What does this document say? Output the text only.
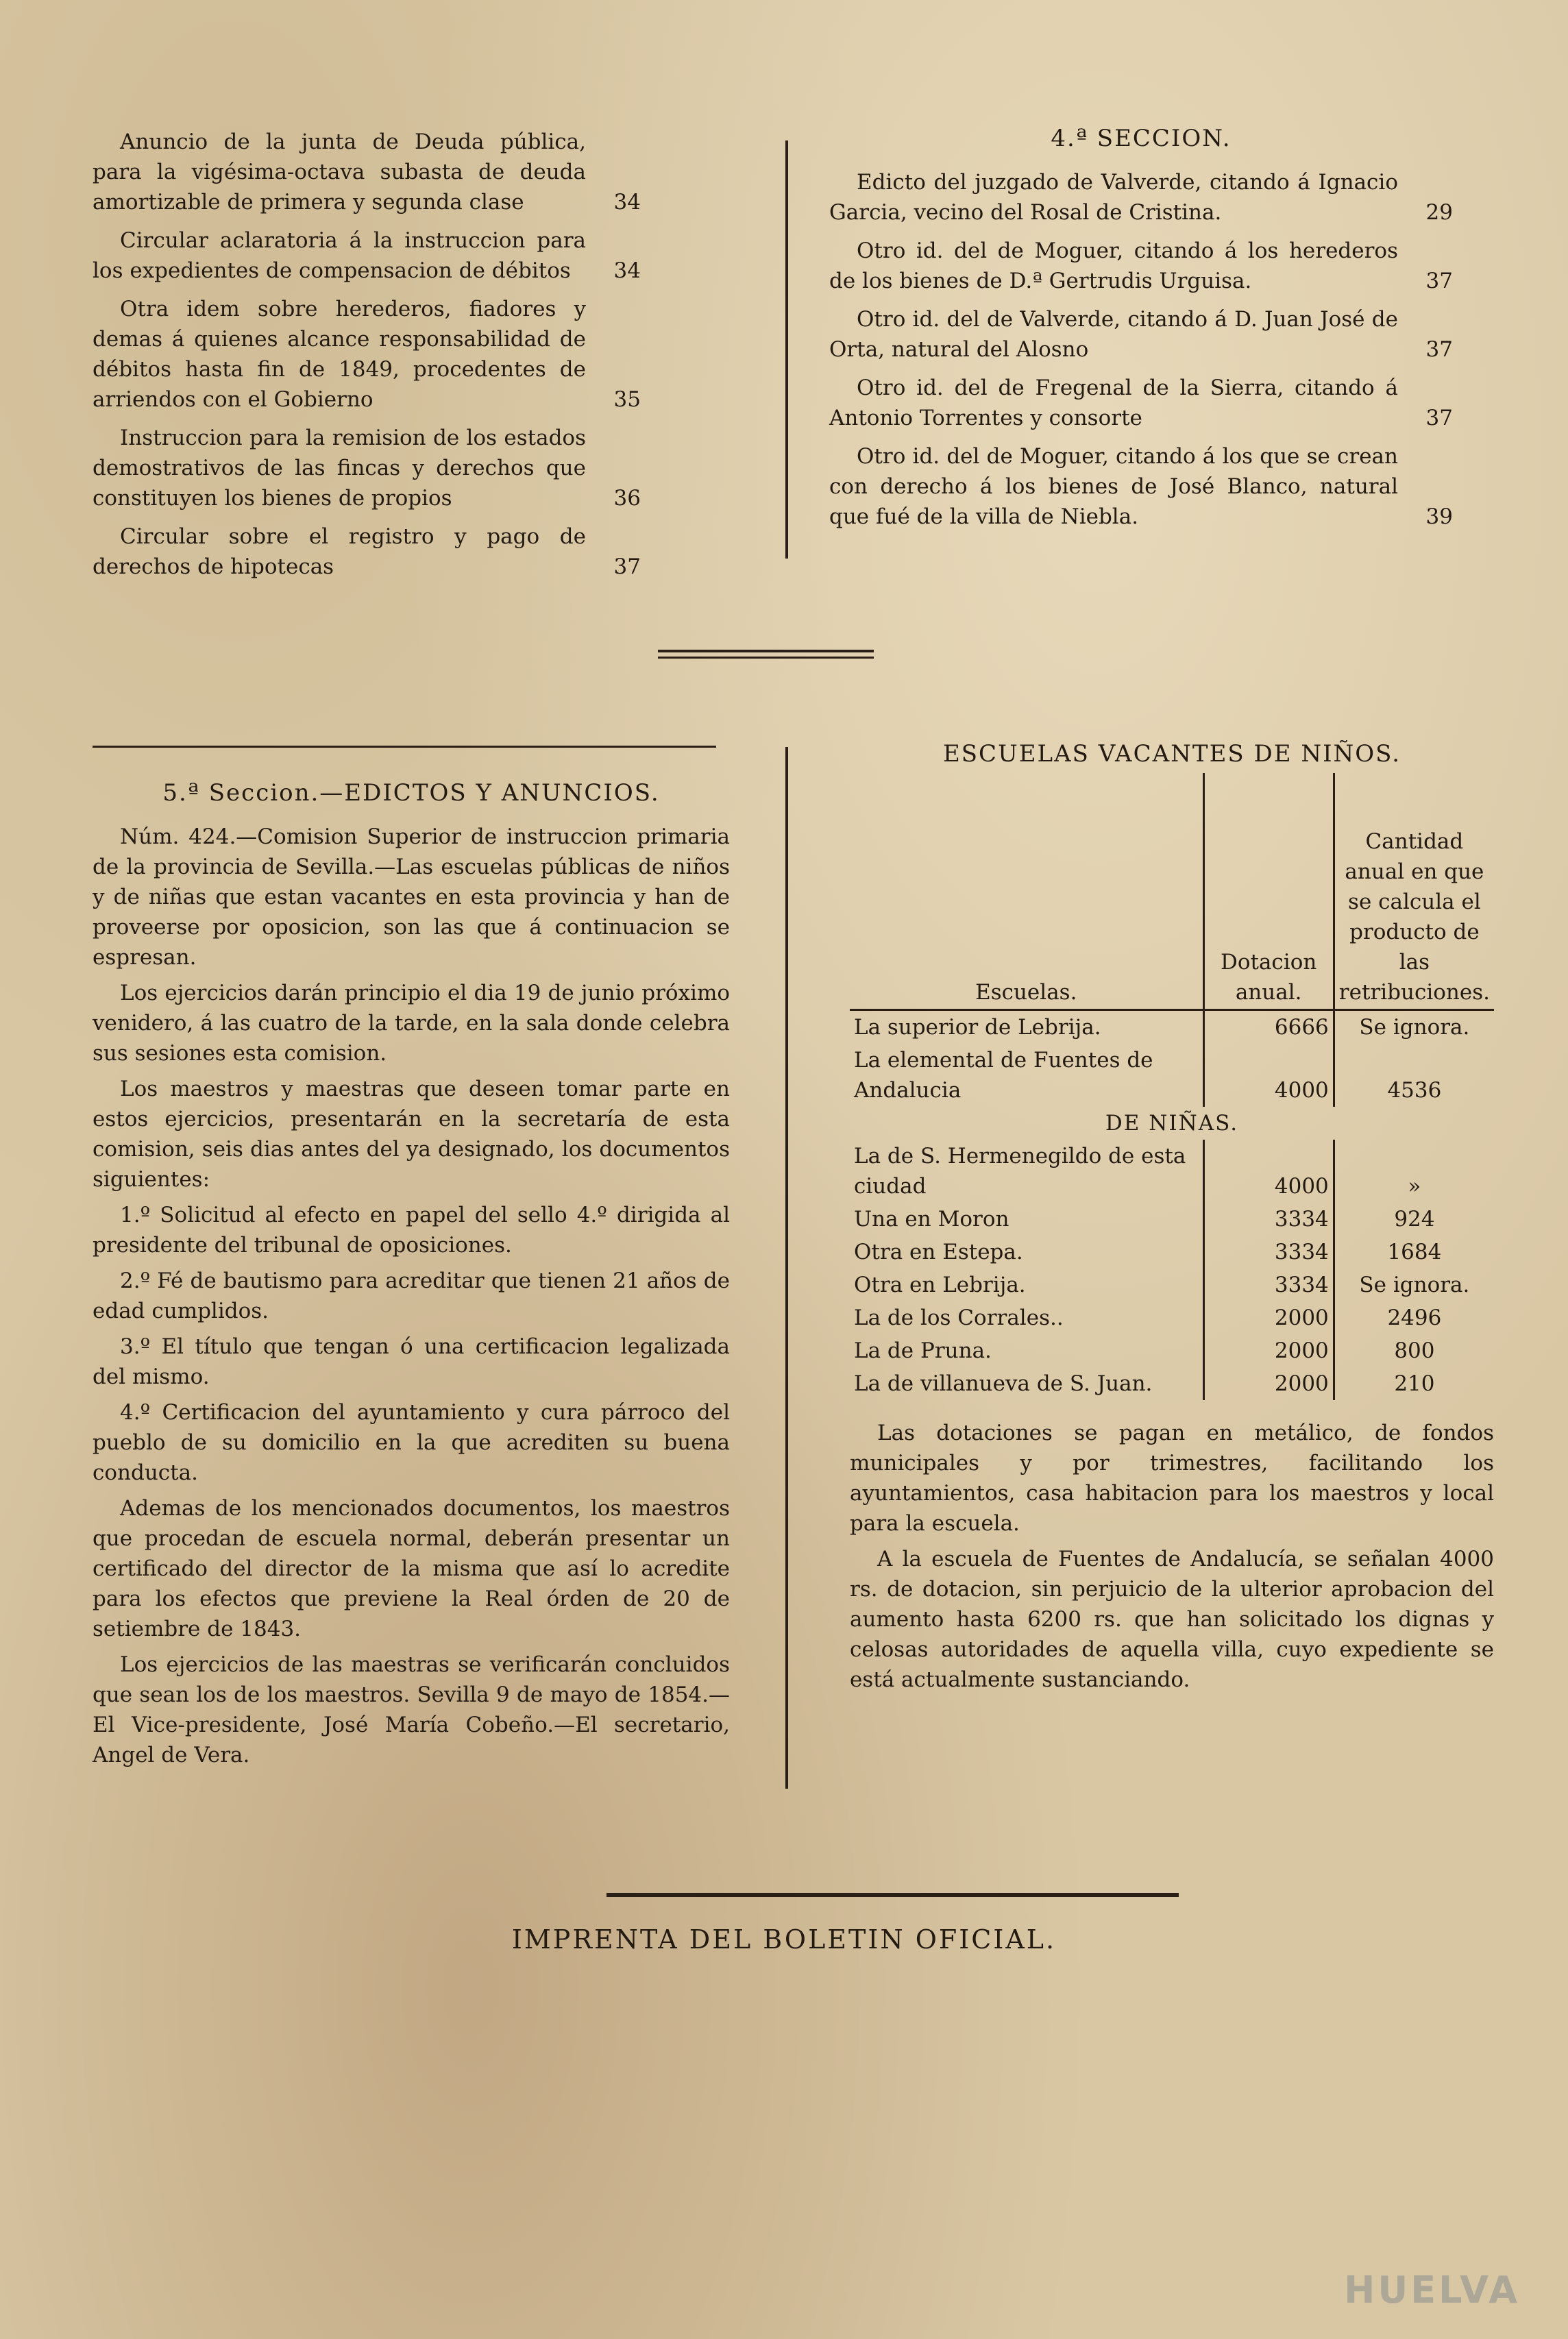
Anuncio de la junta de Deuda pública, para la vigésima-octava subasta de deuda amortizable de primera y segunda clase	34
Circular aclaratoria á la instruccion para los expedientes de compensacion de débitos 34
Otra idem sobre herederos, fiadores y demas á quienes alcance responsabilidad de débitos hasta fin de 1849, procedentes de arriendos con el Gobierno	35
Instruccion para la remision de los estados demostrativos de las fincas y derechos que constituyen los bienes de propios	36
Circular sobre el registro y pago de derechos de hipotecas	37
4.ª SECCION.
Edicto del juzgado de Valverde, citando á Ignacio Garcia, vecino del Rosal de Cristina.	29
Otro id. del de Moguer, citando á los herederos de los bienes de D.ª Gertrudis Urguisa.	37
Otro id. del de Valverde, citando á D. Juan José de Orta, natural del Alosno	37
Otro id. del de Fregenal de la Sierra, citando á Antonio Torrentes y consorte	37
Otro id. del de Moguer, citando á los que se crean con derecho á los bienes de José Blanco, natural que fué de la villa de Niebla.	39
5.ª Seccion.—EDICTOS Y ANUNCIOS.

Núm. 424.—Comision Superior de instruccion primaria de la provincia de Sevilla.—Las escuelas públicas de niños y de niñas que estan vacantes en esta provincia y han de proveerse por oposicion, son las que á continuacion se espresan.

Los ejercicios darán principio el dia 19 de junio próximo venidero, á las cuatro de la tarde, en la sala donde celebra sus sesiones esta comision.

Los maestros y maestras que deseen tomar parte en estos ejercicios, presentarán en la secretaría de esta comision, seis dias antes del ya designado, los documentos siguientes:

1.º Solicitud al efecto en papel del sello 4.º dirigida al presidente del tribunal de oposiciones.

2.º Fé de bautismo para acreditar que tienen 21 años de edad cumplidos.

3.º El título que tengan ó una certificacion legalizada del mismo.

4.º Certificacion del ayuntamiento y cura párroco del pueblo de su domicilio en la que acrediten su buena conducta.

Ademas de los mencionados documentos, los maestros que procedan de escuela normal, deberán presentar un certificado del director de la misma que así lo acredite para los efectos que previene la Real órden de 20 de setiembre de 1843.

Los ejercicios de las maestras se verificarán concluidos que sean los de los maestros. Sevilla 9 de mayo de 1854.—El Vice-presidente, José María Cobeño.—El secretario, Angel de Vera.

ESCUELAS VACANTES DE NIÑOS.
Escuelas.	Dotacion anual.	Cantidad anual en que se calcula el producto de las retribuciones.
La superior de Lebrija.	6666	Se ignora.
La elemental de Fuentes de Andalucia	4000	4536
DE NIÑAS.		
La de S. Hermenegildo de esta ciudad	4000	»
Una en Moron	3334	924
Otra en Estepa.	3334	1684
Otra en Lebrija.	3334	Se ignora.
La de los Corrales..	2000	2496
La de Pruna.	2000	800
La de villanueva de S. Juan.	2000	210

Las dotaciones se pagan en metálico, de fondos municipales y por trimestres, facilitando los ayuntamientos, casa habitacion para los maestros y local para la escuela.

A la escuela de Fuentes de Andalucía, se señalan 4000 rs. de dotacion, sin perjuicio de la ulterior aprobacion del aumento hasta 6200 rs. que han solicitado los dignas y celosas autoridades de aquella villa, cuyo expediente se está actualmente sustanciando.

IMPRENTA DEL BOLETIN OFICIAL.
HUELVA
